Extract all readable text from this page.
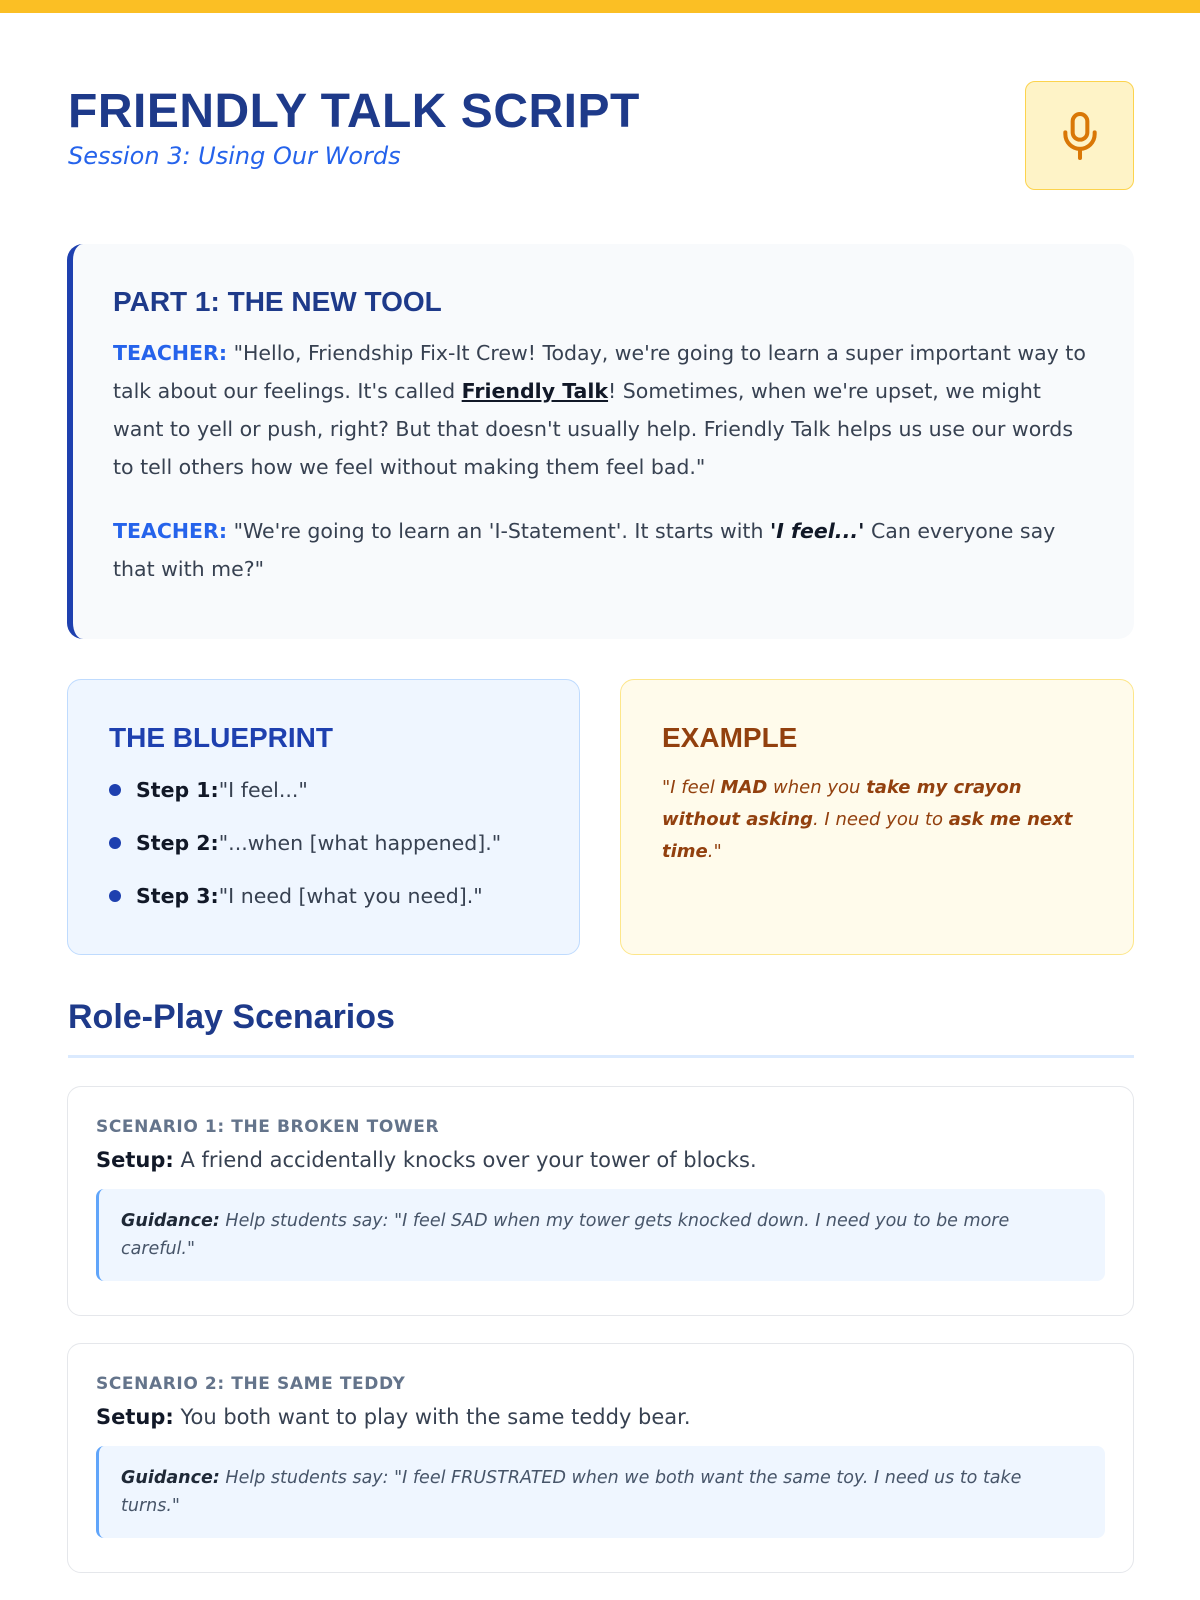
FRIENDLY TALK SCRIPT
Session 3: Using Our Words
PART 1: THE NEW TOOL

TEACHER: "Hello, Friendship Fix-It Crew! Today, we're going to learn a super important way to talk about our feelings. It's called Friendly Talk! Sometimes, when we're upset, we might want to yell or push, right? But that doesn't usually help. Friendly Talk helps us use our words to tell others how we feel without making them feel bad."

TEACHER: "We're going to learn an 'I-Statement'. It starts with 'I feel...' Can everyone say that with me?"

THE BLUEPRINT
Step 1: "I feel..."
Step 2: "...when [what happened]."
Step 3: "I need [what you need]."
EXAMPLE

"I feel MAD when you take my crayon without asking. I need you to ask me next time."

Role-Play Scenarios
SCENARIO 1: THE BROKEN TOWER
Setup: A friend accidentally knocks over your tower of blocks.
Guidance: Help students say: "I feel SAD when my tower gets knocked down. I need you to be more careful."
SCENARIO 2: THE SAME TEDDY
Setup: You both want to play with the same teddy bear.
Guidance: Help students say: "I feel FRUSTRATED when we both want the same toy. I need us to take turns."
